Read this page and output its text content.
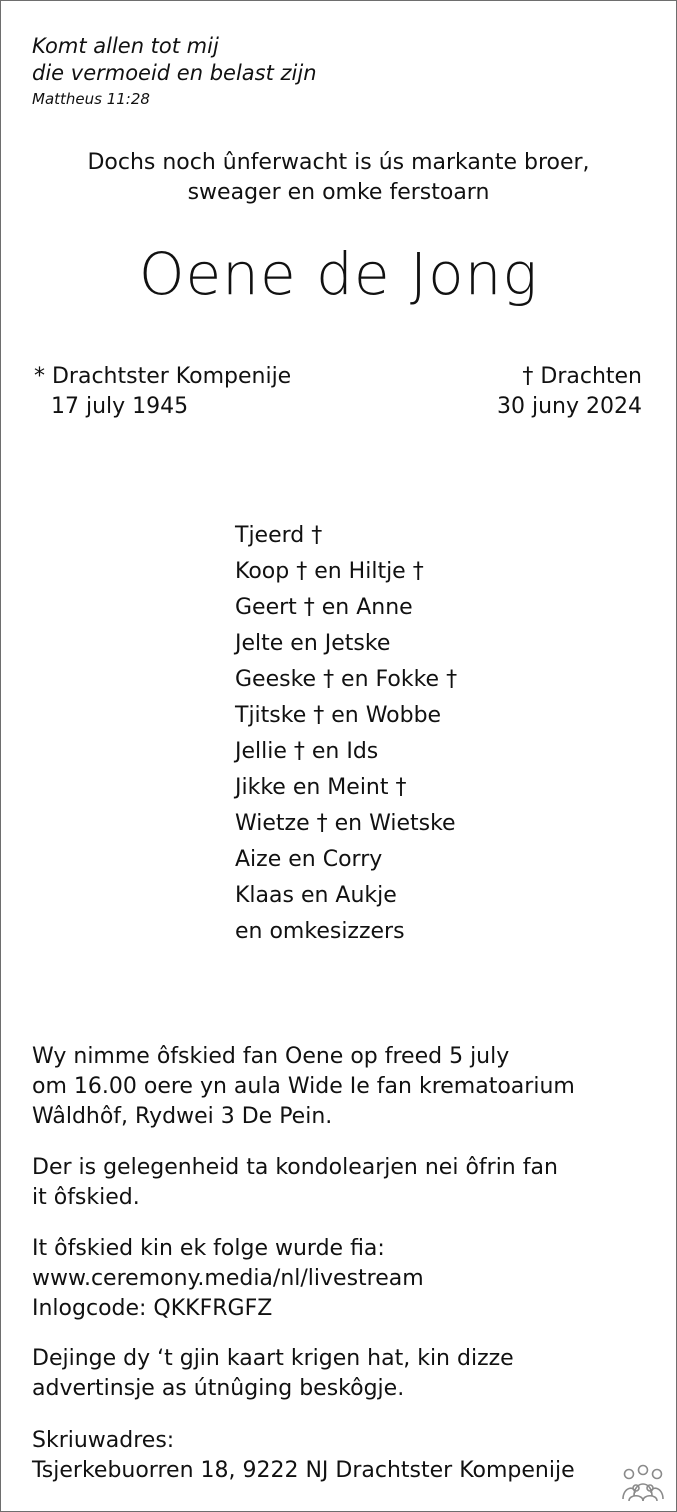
Komt allen tot mij
die vermoeid en belast zijn
Mattheus 11:28
Dochs noch ûnferwacht is ús markante broer,
sweager en omke ferstoarn
Oene de Jong
* Drachtster Kompenije
17 july 1945
† Drachten
30 juny 2024
Tjeerd †
Koop † en Hiltje †
Geert † en Anne
Jelte en Jetske
Geeske † en Fokke †
Tjitske † en Wobbe
Jellie † en Ids
Jikke en Meint †
Wietze † en Wietske
Aize en Corry
Klaas en Aukje
en omkesizzers
Wy nimme ôfskied fan Oene op freed 5 july
om 16.00 oere yn aula Wide Ie fan krematoarium
Wâldhôf, Rydwei 3 De Pein.
Der is gelegenheid ta kondolearjen nei ôfrin fan
it ôfskied.
It ôfskied kin ek folge wurde fia:
www.ceremony.media/nl/livestream
Inlogcode: QKKFRGFZ
Dejinge dy ‘t gjin kaart krigen hat, kin dizze
advertinsje as útnûging beskôgje.
Skriuwadres:
Tsjerkebuorren 18, 9222 NJ Drachtster Kompenije
